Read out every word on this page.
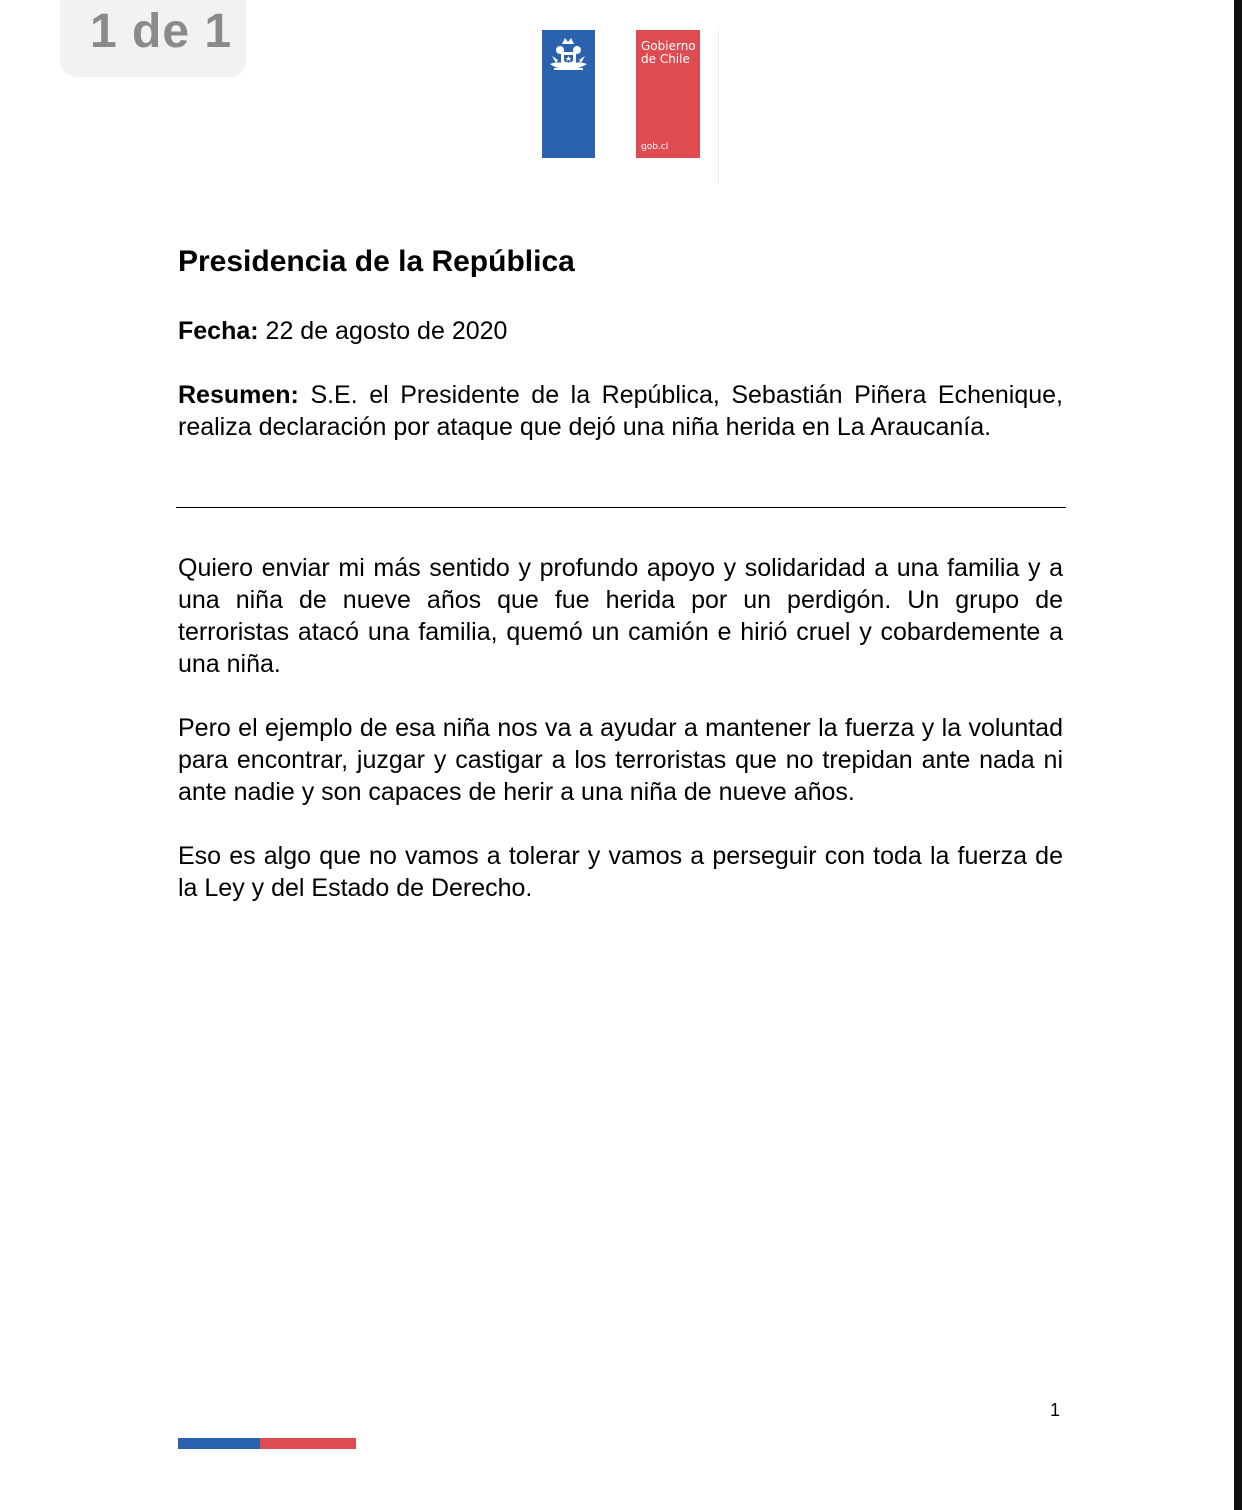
1 de 1	Gobierno
de Chile
gob.cl
Presidencia de la República
Fecha: 22 de agosto de 2020
Resumen: S.E. el Presidente de la República, Sebastián Piñera Echenique, realiza declaración por ataque que dejó una niña herida en La Araucanía.

Quiero enviar mi más sentido y profundo apoyo y solidaridad a una familia y a una niña de nueve años que fue herida por un perdigón. Un grupo de terroristas atacó una familia, quemó un camión e hirió cruel y cobardemente a una niña.

Pero el ejemplo de esa niña nos va a ayudar a mantener la fuerza y la voluntad para encontrar, juzgar y castigar a los terroristas que no trepidan ante nada ni ante nadie y son capaces de herir a una niña de nueve años.

Eso es algo que no vamos a tolerar y vamos a perseguir con toda la fuerza de la Ley y del Estado de Derecho.

1
